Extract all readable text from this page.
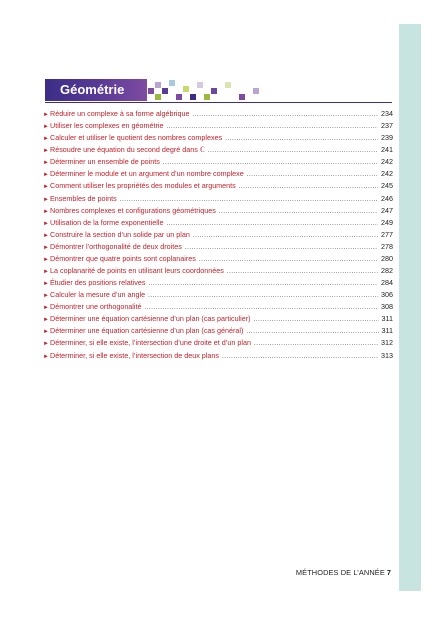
Géométrie
► Réduire un complexe à sa forme algébrique .....	234
► Utiliser les complexes en géométrie .....	237
► Calculer et utiliser le quotient des nombres complexes .....	239
► Résoudre une équation du second degré dans ℂ .....	241
► Déterminer un ensemble de points .....	242
► Déterminer le module et un argument d’un nombre complexe .....	242
► Comment utiliser les propriétés des modules et arguments .....	245
► Ensembles de points .....	246
► Nombres complexes et configurations géométriques .....	247
► Utilisation de la forme exponentielle .....	249
► Construire la section d’un solide par un plan .....	277
► Démontrer l’orthogonalité de deux droites .....	278
► Démontrer que quatre points sont coplanaires .....	280
► La coplanarité de points en utilisant leurs coordonnées .....	282
► Étudier des positions relatives .....	284
► Calculer la mesure d’un angle .....	306
► Démontrer une orthogonalité .....	308
► Déterminer une équation cartésienne d’un plan (cas particulier) .....	311
► Déterminer une équation cartésienne d’un plan (cas général) .....	311
► Déterminer, si elle existe, l’intersection d’une droite et d’un plan .....	312
► Déterminer, si elle existe, l’intersection de deux plans .....	313
MÉTHODES DE L’ANNÉE 7
